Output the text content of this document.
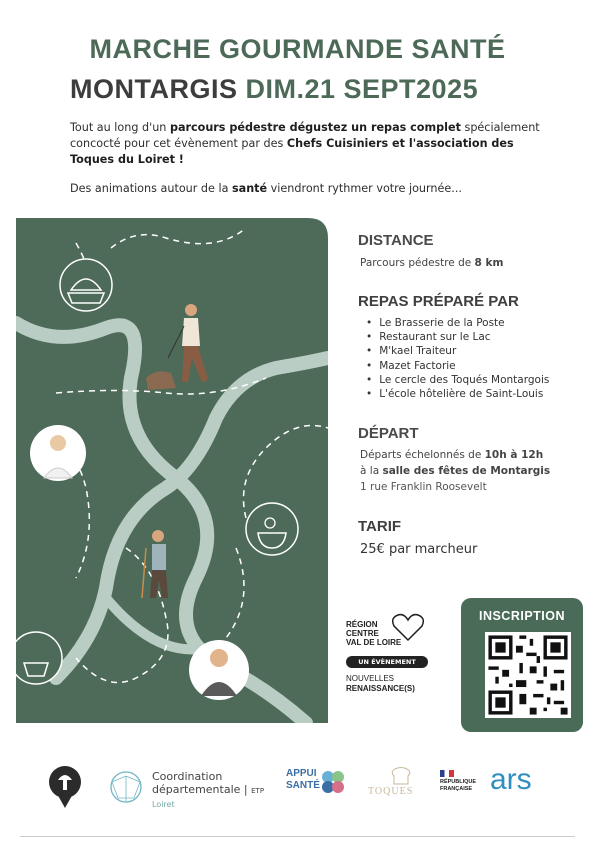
MARCHE GOURMANDE SANTÉ
MONTARGIS DIM.21 SEPT2025
Tout au long d'un parcours pédestre dégustez un repas complet spécialement concocté pour cet évènement par des Chefs Cuisiniers et l'association des Toques du Loiret !
Des animations autour de la santé viendront rythmer votre journée...
DISTANCE
Parcours pédestre de 8 km
REPAS PRÉPARÉ PAR
• Le Brasserie de la Poste
• Restaurant sur le Lac
• M'kael Traiteur
• Mazet Factorie
• Le cercle des Toqués Montargois
• L'école hôtelière de Saint-Louis
DÉPART
Départs échelonnés de 10h à 12h
à la salle des fêtes de Montargis
1 rue Franklin Roosevelt
TARIF
25€ par marcheur
RÉGION
CENTRE
VAL DE LOIRE
UN ÉVÈNEMENT
NOUVELLES
RENAISSANCE(S)
INSCRIPTION
Coordination
départementale | ETP
Loiret
APPUI
SANTÉ
TOQUES
RÉPUBLIQUE
FRANÇAISE ars
